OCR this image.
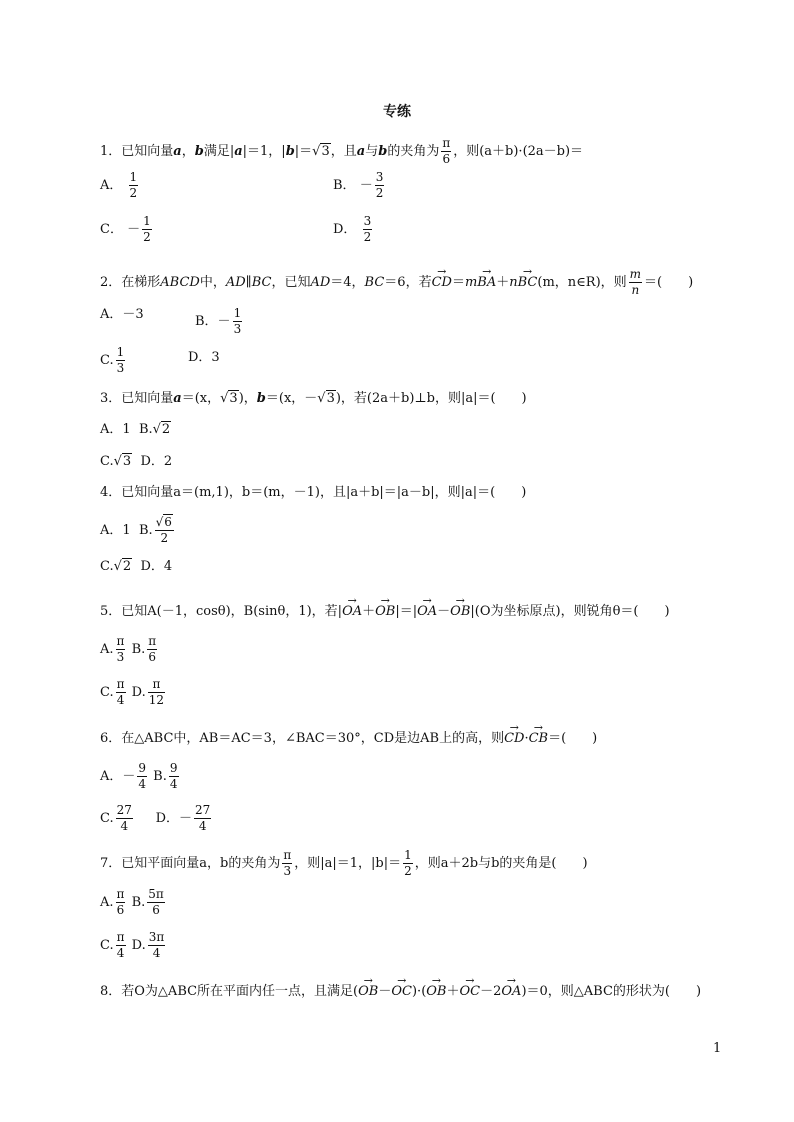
专练
1．已知向量a，b满足|a|＝1，|b|＝√3，且a与b的夹角为 $\frac{\pi}{6}$ ，则(a＋b)·(2a－b)＝
A． $\frac{1}{2}$	B． － $\frac{3}{2}$
C． － $\frac{1}{2}$	D． $\frac{3}{2}$
2．在梯形ABCD中，AD∥BC，已知AD＝4，BC＝6，若→ CD＝m→ BA＋n→ BC(m，n∈R)，则 $\frac{m}{n}$ ＝(　　)
A．－3	B．－ $\frac{1}{3}$
C. $\frac{1}{3}$	D．3
3．已知向量a＝(x，√3)，b＝(x，－√3)，若(2a＋b)⊥b，则|a|＝(　　)
A．1 B.√2
C.√3 D．2
4．已知向量a＝(m,1)，b＝(m，－1)，且|a＋b|＝|a－b|，则|a|＝(　　)
A．1 B. $\frac{√6}{2}$
C.√2 D．4
5．已知A(－1，cosθ)，B(sinθ，1)，若|→ OA＋→ OB|＝|→ OA－→ OB|(O为坐标原点)，则锐角θ＝(　　)
A. $\frac{\pi}{3} B$. $\frac{\pi}{6}$
C. $\frac{\pi}{4} D$. $\frac{\pi}{12}$
6．在△ABC中，AB＝AC＝3，∠BAC＝30°，CD是边AB上的高，则→ CD·→ CB＝(　　)
A．－ $\frac{9}{4} B$. $\frac{9}{4}$
C. $\frac{27}{4}$ D．－ $\frac{27}{4}$
7．已知平面向量a，b的夹角为 $\frac{\pi}{3}$ ，则|a|＝1，$|b|= \frac{1}{2}$ ，则a＋2b与b的夹角是(　　)
A. $\frac{\pi}{6} B$. $\frac{5\pi}{6}$
C. $\frac{\pi}{4} D$. $\frac{3\pi}{4}$
8．若O为△ABC所在平面内任一点，且满足(→ OB－→ OC)·(→ OB＋→ OC－2→ OA)＝0，则△ABC的形状为(　　)
1
